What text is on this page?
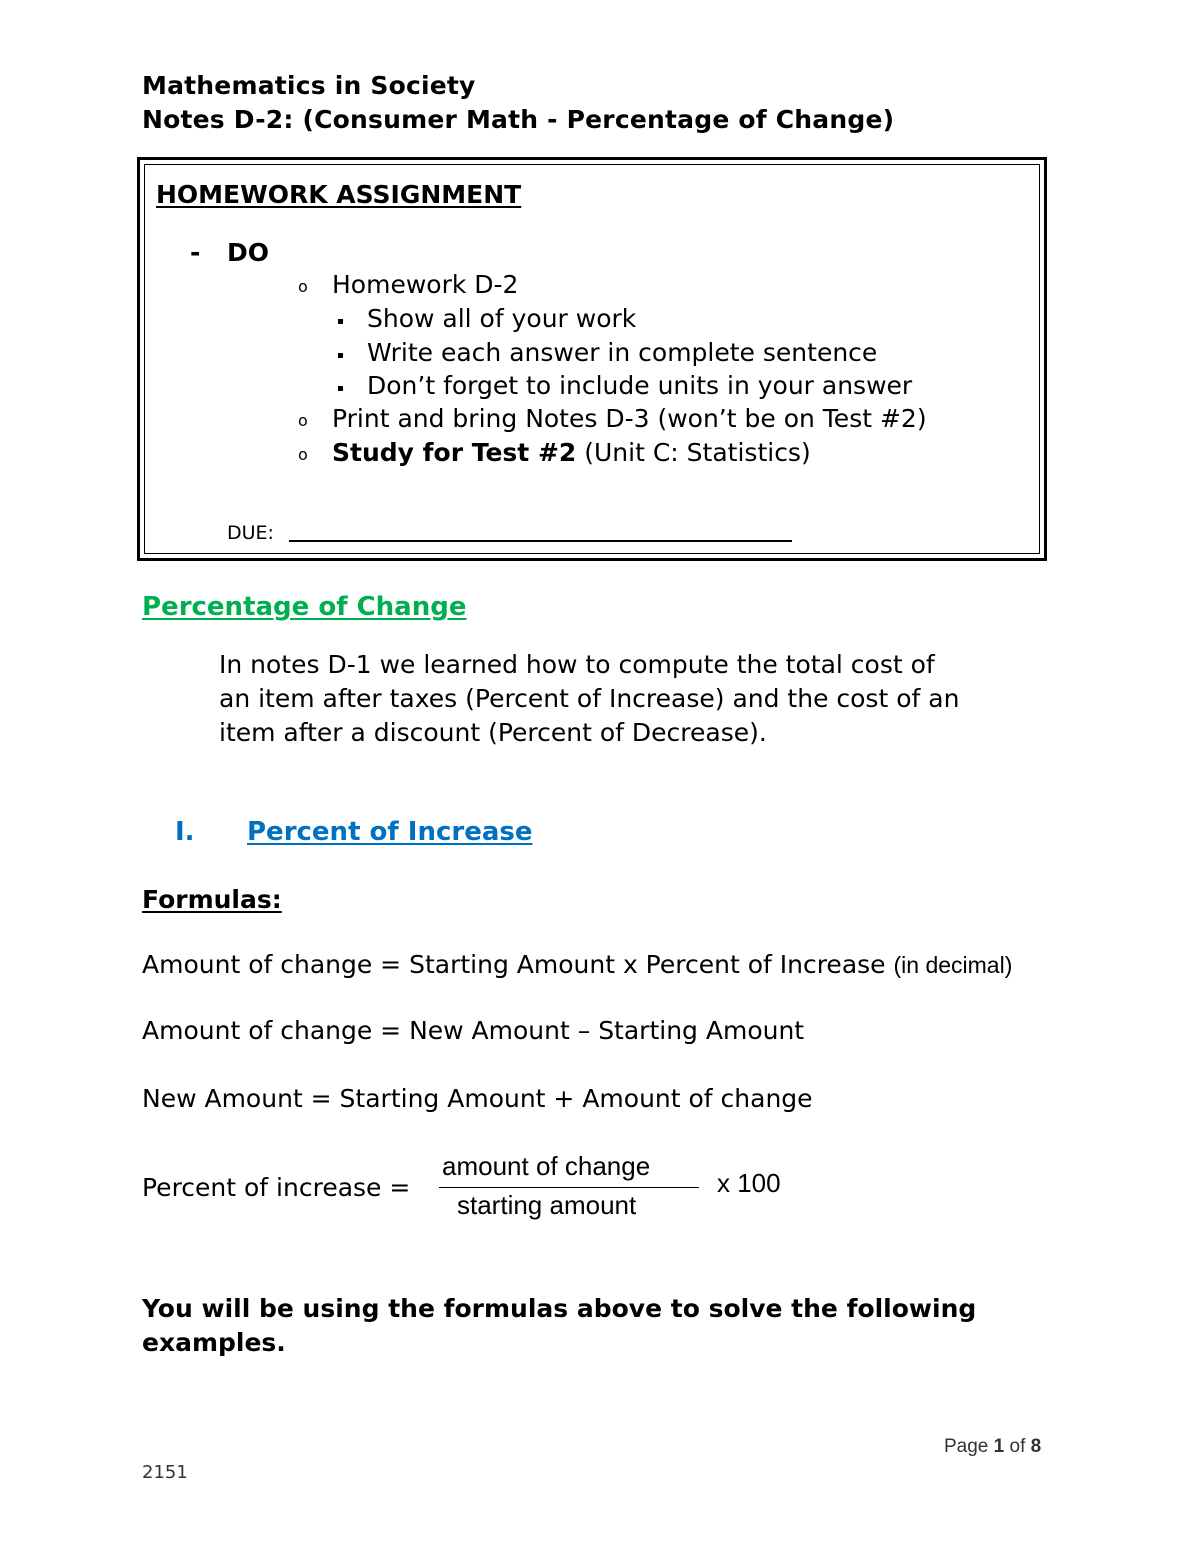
Mathematics in Society
Notes D-2: (Consumer Math - Percentage of Change)
HOMEWORK ASSIGNMENT
- DO
o Homework D-2
Show all of your work
Write each answer in complete sentence
Don’t forget to include units in your answer
o Print and bring Notes D-3 (won’t be on Test #2)
o Study for Test #2 (Unit C: Statistics)
DUE:
Percentage of Change
In notes D-1 we learned how to compute the total cost of
an item after taxes (Percent of Increase) and the cost of an
item after a discount (Percent of Decrease).
I. Percent of Increase
Formulas:
Amount of change = Starting Amount x Percent of Increase (in decimal)
Amount of change = New Amount – Starting Amount
New Amount = Starting Amount + Amount of change
Percent of increase =
amount of change
starting amount
x 100
You will be using the formulas above to solve the following
examples.
Page 1 of 8
2151
